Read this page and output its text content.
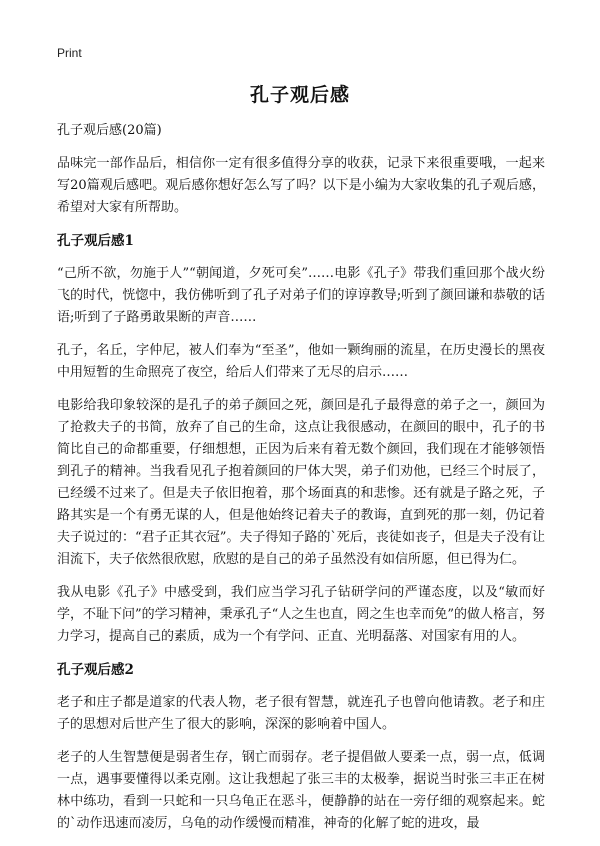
Print
孔子观后感

孔子观后感(20篇)

品味完一部作品后，相信你一定有很多值得分享的收获，记录下来很重要哦，一起来写20篇观后感吧。观后感你想好怎么写了吗？以下是小编为大家收集的孔子观后感，希望对大家有所帮助。

孔子观后感1

“己所不欲，勿施于人”“朝闻道，夕死可矣”……电影《孔子》带我们重回那个战火纷飞的时代，恍惚中，我仿佛听到了孔子对弟子们的谆谆教导;听到了颜回谦和恭敬的话语;听到了子路勇敢果断的声音……

孔子，名丘，字仲尼，被人们奉为“至圣”，他如一颗绚丽的流星，在历史漫长的黑夜中用短暂的生命照亮了夜空，给后人们带来了无尽的启示……

电影给我印象较深的是孔子的弟子颜回之死，颜回是孔子最得意的弟子之一，颜回为了抢救夫子的书简，放弃了自己的生命，这点让我很感动，在颜回的眼中，孔子的书简比自己的命都重要，仔细想想，正因为后来有着无数个颜回，我们现在才能够领悟到孔子的精神。当我看见孔子抱着颜回的尸体大哭，弟子们劝他，已经三个时辰了，已经缓不过来了。但是夫子依旧抱着，那个场面真的和悲惨。还有就是子路之死，子路其实是一个有勇无谋的人，但是他始终记着夫子的教诲，直到死的那一刻，仍记着夫子说过的：“君子正其衣冠”。夫子得知子路的`死后，丧徒如丧子，但是夫子没有让泪流下，夫子依然很欣慰，欣慰的是自己的弟子虽然没有如信所愿，但已得为仁。

我从电影《孔子》中感受到，我们应当学习孔子钻研学问的严谨态度，以及“敏而好学，不耻下问”的学习精神，秉承孔子“人之生也直，罔之生也幸而免”的做人格言，努力学习，提高自己的素质，成为一个有学问、正直、光明磊落、对国家有用的人。

孔子观后感2

老子和庄子都是道家的代表人物，老子很有智慧，就连孔子也曾向他请教。老子和庄子的思想对后世产生了很大的影响，深深的影响着中国人。

老子的人生智慧便是弱者生存，钢亡而弱存。老子提倡做人要柔一点，弱一点，低调一点，遇事要懂得以柔克刚。这让我想起了张三丰的太极拳，据说当时张三丰正在树林中练功，看到一只蛇和一只乌龟正在恶斗，便静静的站在一旁仔细的观察起来。蛇的`动作迅速而凌厉，乌龟的动作缓慢而精准，神奇的化解了蛇的进攻，最
